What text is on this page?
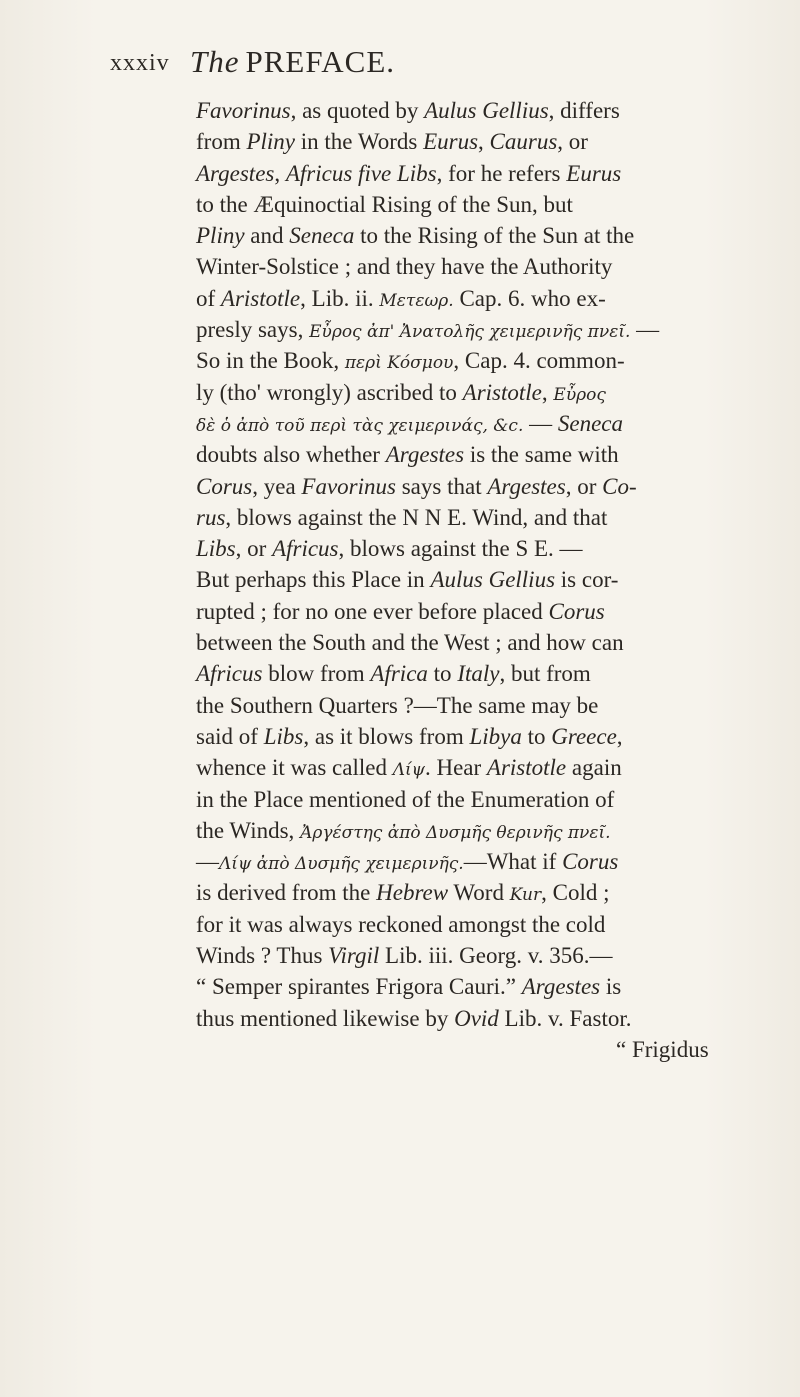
xxxiv The PREFACE.
Favorinus, as quoted by Aulus Gellius, differs
from Pliny in the Words Eurus, Caurus, or
Argestes, Africus five Libs, for he refers Eurus
to the Æquinoctial Rising of the Sun, but
Pliny and Seneca to the Rising of the Sun at the
Winter-Solstice ; and they have the Authority
of Aristotle, Lib. ii. Μετεωρ. Cap. 6. who ex-
presly says, Εὖρος ἀπ' Ἀνατολῆς χειμερινῆς πνεῖ. —
So in the Book, περὶ Κόσμου, Cap. 4. common-
ly (tho' wrongly) ascribed to Aristotle, Εὖρος
δὲ ὁ ἀπὸ τοῦ περὶ τὰς χειμερινάς, &c. — Seneca
doubts also whether Argestes is the same with
Corus, yea Favorinus says that Argestes, or Co-
rus, blows against the N N E. Wind, and that
Libs, or Africus, blows against the S E. —
But perhaps this Place in Aulus Gellius is cor-
rupted ; for no one ever before placed Corus
between the South and the West ; and how can
Africus blow from Africa to Italy, but from
the Southern Quarters ?—The same may be
said of Libs, as it blows from Libya to Greece,
whence it was called Λίψ. Hear Aristotle again
in the Place mentioned of the Enumeration of
the Winds, Ἀργέστης ἀπὸ Δυσμῆς θερινῆς πνεῖ.
—Λίψ ἀπὸ Δυσμῆς χειμερινῆς.—What if Corus
is derived from the Hebrew Word Kur, Cold ;
for it was always reckoned amongst the cold
Winds ? Thus Virgil Lib. iii. Georg. v. 356.—
“ Semper spirantes Frigora Cauri.” Argestes is
thus mentioned likewise by Ovid Lib. v. Fastor.
“ Frigidus
